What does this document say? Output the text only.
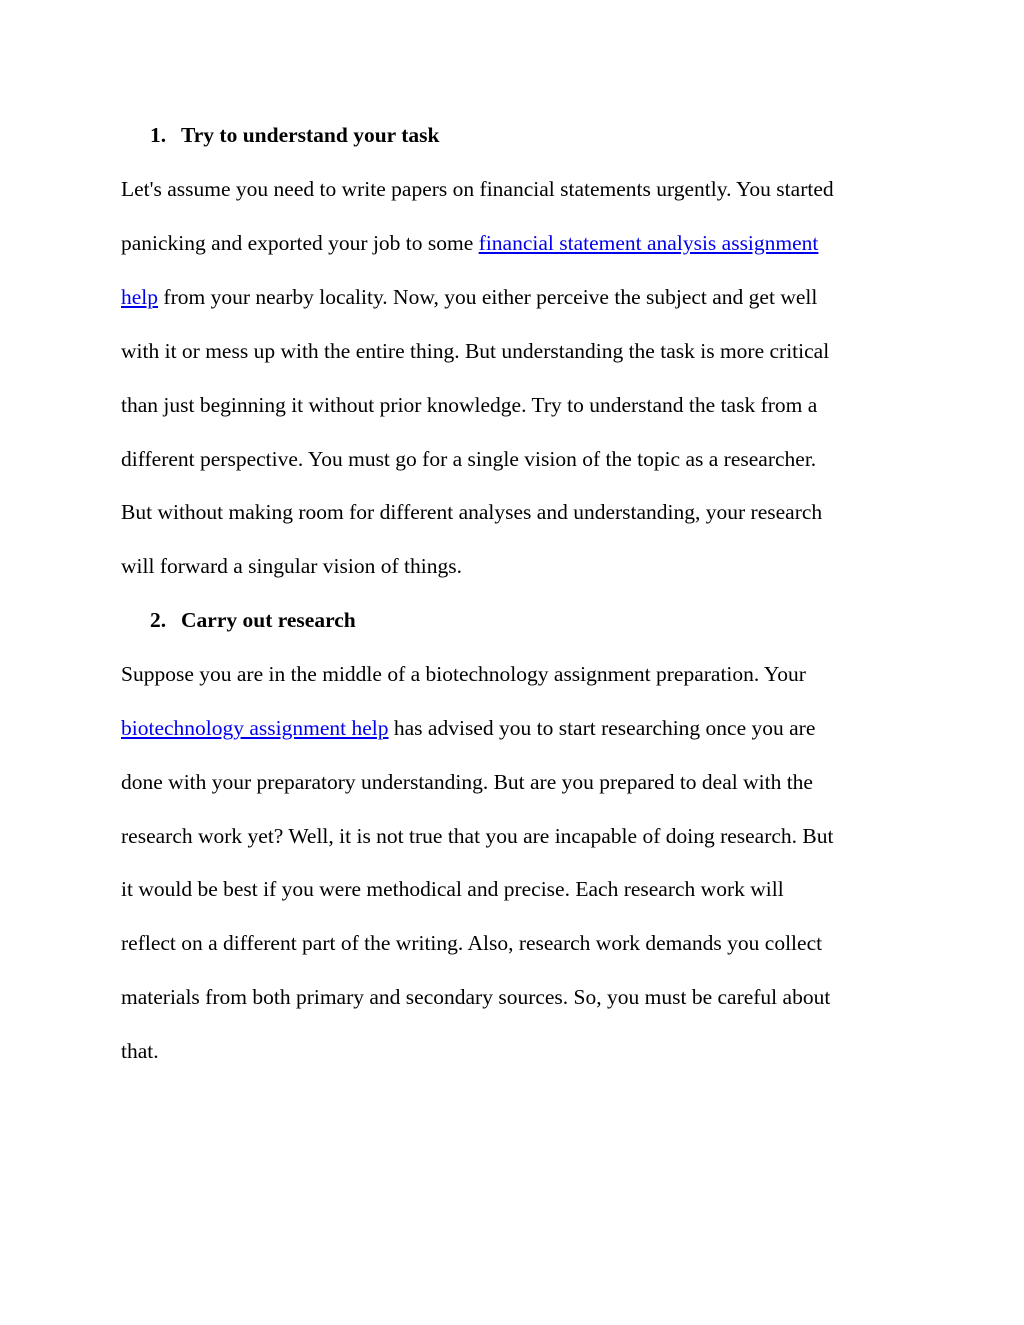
1. Try to understand your task
Let's assume you need to write papers on financial statements urgently. You started
panicking and exported your job to some financial statement analysis assignment
help from your nearby locality. Now, you either perceive the subject and get well
with it or mess up with the entire thing. But understanding the task is more critical
than just beginning it without prior knowledge. Try to understand the task from a
different perspective. You must go for a single vision of the topic as a researcher.
But without making room for different analyses and understanding, your research
will forward a singular vision of things.
2. Carry out research
Suppose you are in the middle of a biotechnology assignment preparation. Your
biotechnology assignment help has advised you to start researching once you are
done with your preparatory understanding. But are you prepared to deal with the
research work yet? Well, it is not true that you are incapable of doing research. But
it would be best if you were methodical and precise. Each research work will
reflect on a different part of the writing. Also, research work demands you collect
materials from both primary and secondary sources. So, you must be careful about
that.
